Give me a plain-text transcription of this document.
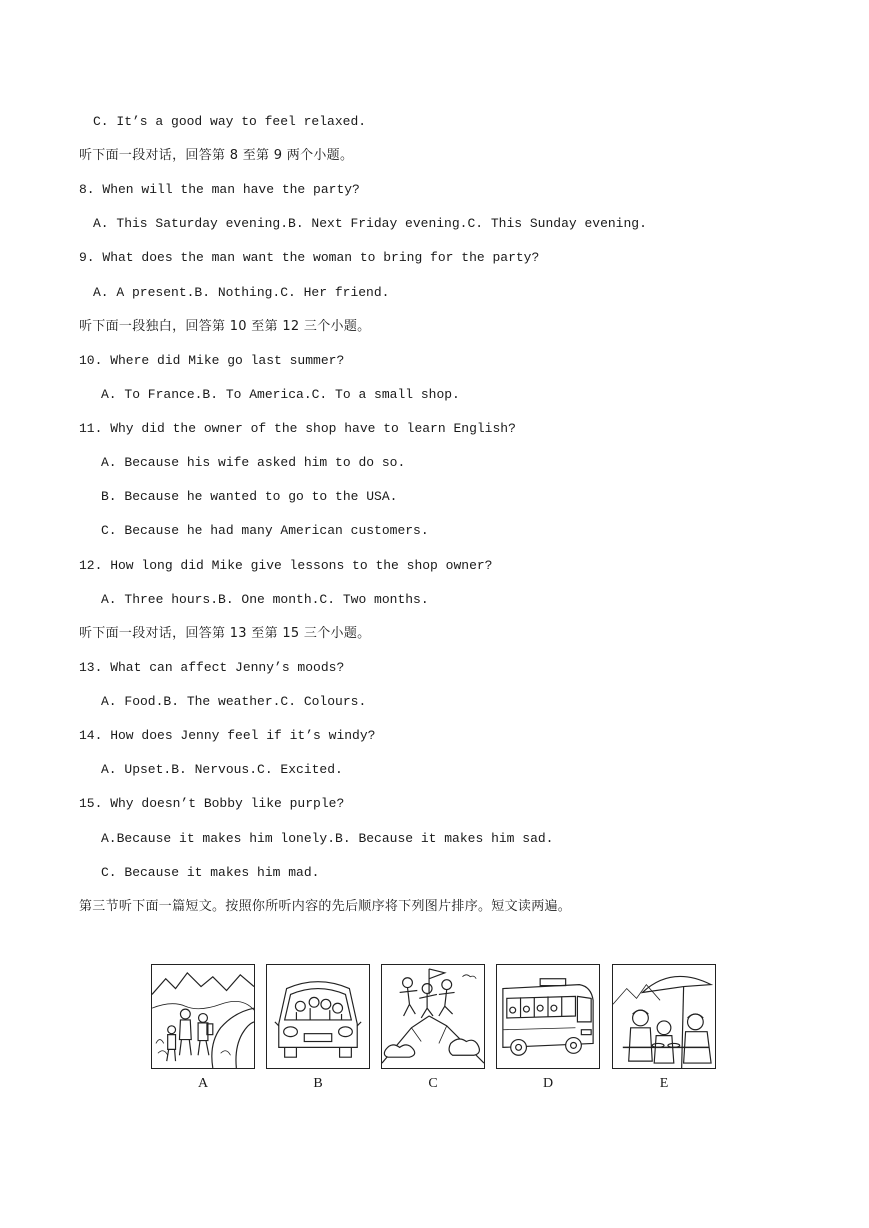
C. It’s a good way to feel relaxed.
听下面一段对话，回答第 8 至第 9 两个小题。
8. When will the man have the party?
A. This Saturday evening.B. Next Friday evening.C. This Sunday evening.
9. What does the man want the woman to bring for the party?
A. A present.B. Nothing.C. Her friend.
听下面一段独白，回答第 10 至第 12 三个小题。
10. Where did Mike go last summer?
A. To France.B. To America.C. To a small shop.
11. Why did the owner of the shop have to learn English?
A. Because his wife asked him to do so.
B. Because he wanted to go to the USA.
C. Because he had many American customers.
12. How long did Mike give lessons to the shop owner?
A. Three hours.B. One month.C. Two months.
听下面一段对话，回答第 13 至第 15 三个小题。
13. What can affect Jenny’s moods?
A. Food.B. The weather.C. Colours.
14. How does Jenny feel if it’s windy?
A. Upset.B. Nervous.C. Excited.
15. Why doesn’t Bobby like purple?
A.Because it makes him lonely.B. Because it makes him sad.
C. Because it makes him mad.
第三节听下面一篇短文。按照你所听内容的先后顺序将下列图片排序。短文读两遍。
A	B	C	D	E
